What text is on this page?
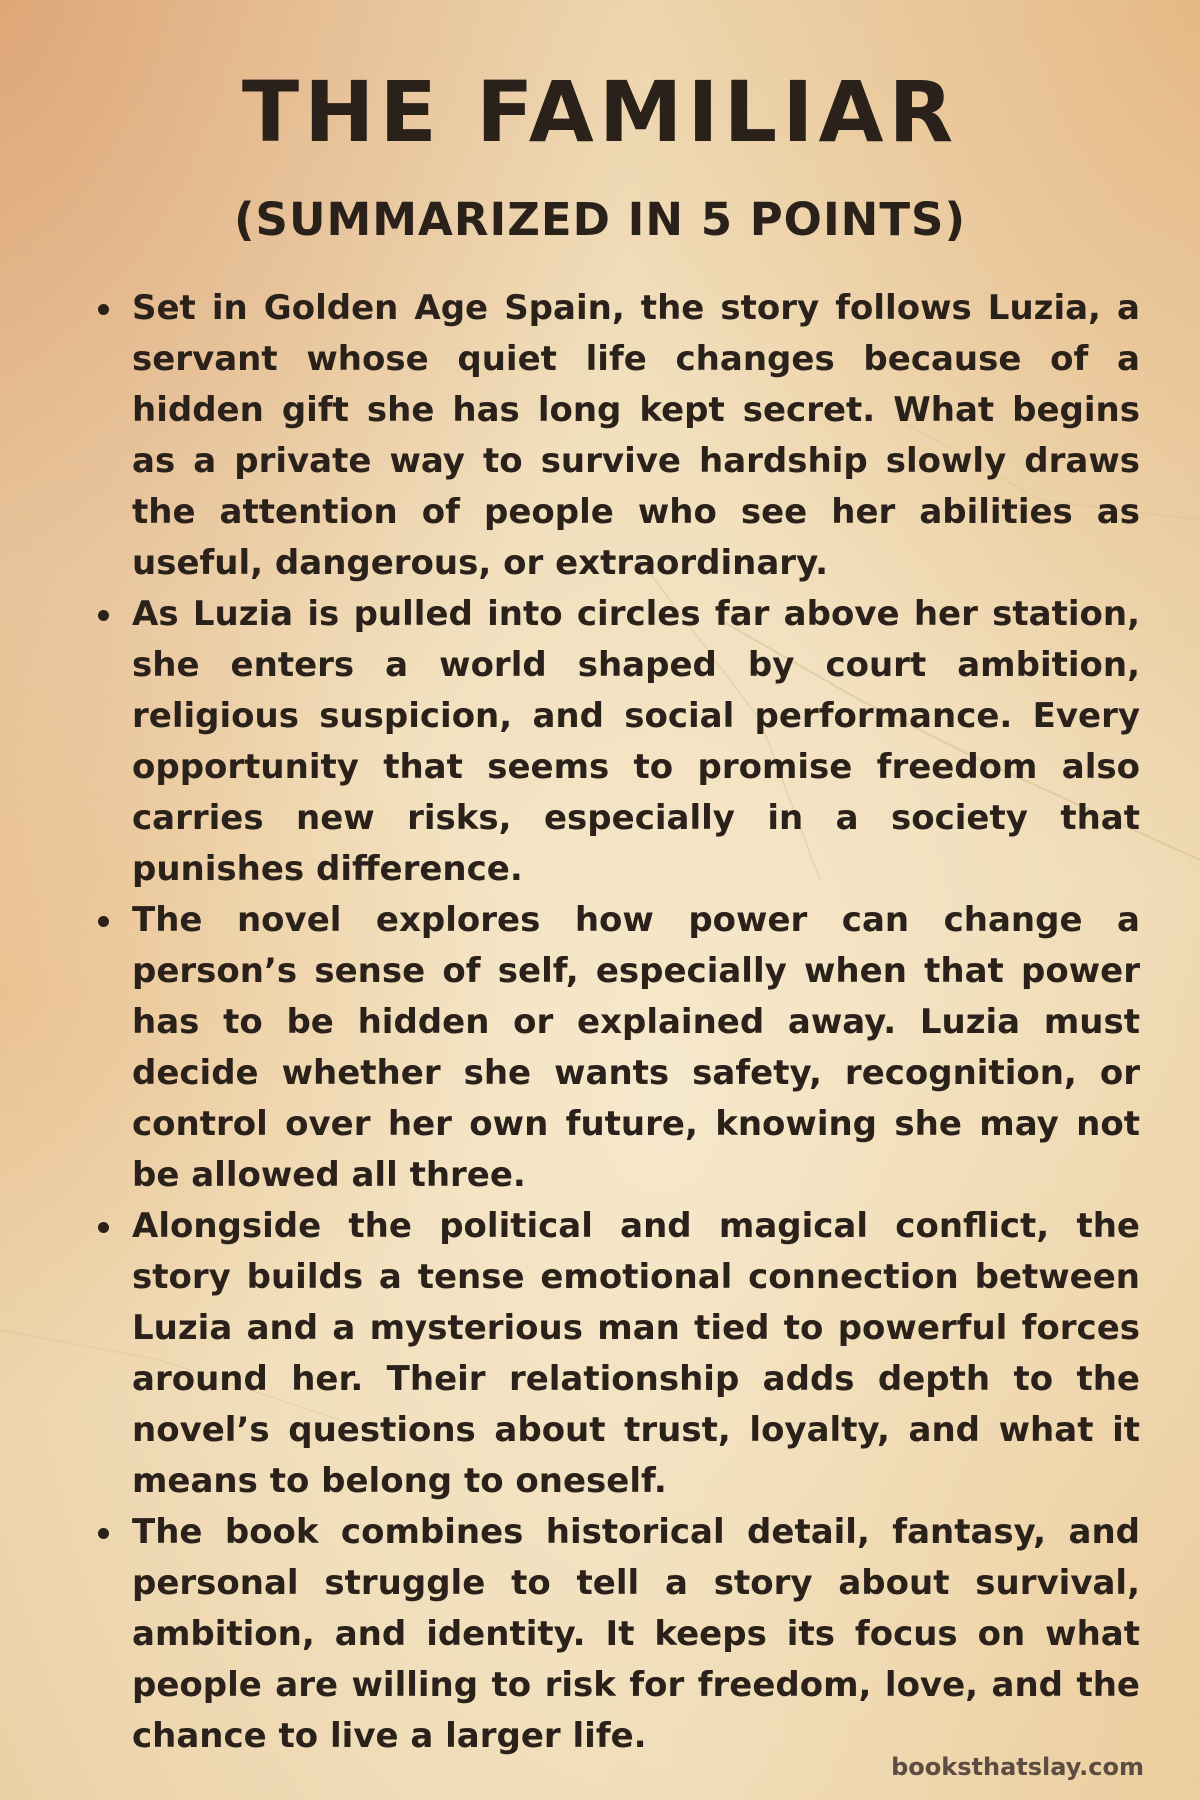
THE FAMILIAR
(SUMMARIZED IN 5 POINTS)
Set in Golden Age Spain, the story follows Luzia, a servant whose quiet life changes because of a hidden gift she has long kept secret. What begins as a private way to survive hardship slowly draws the attention of people who see her abilities as useful, dangerous, or extraordinary.
As Luzia is pulled into circles far above her station, she enters a world shaped by court ambition, religious suspicion, and social performance. Every opportunity that seems to promise freedom also carries new risks, especially in a society that punishes difference.
The novel explores how power can change a person’s sense of self, especially when that power has to be hidden or explained away. Luzia must decide whether she wants safety, recognition, or control over her own future, knowing she may not be allowed all three.
Alongside the political and magical conflict, the story builds a tense emotional connection between Luzia and a mysterious man tied to powerful forces around her. Their relationship adds depth to the novel’s questions about trust, loyalty, and what it means to belong to oneself.
The book combines historical detail, fantasy, and personal struggle to tell a story about survival, ambition, and identity. It keeps its focus on what people are willing to risk for freedom, love, and the chance to live a larger life.
booksthatslay.com
